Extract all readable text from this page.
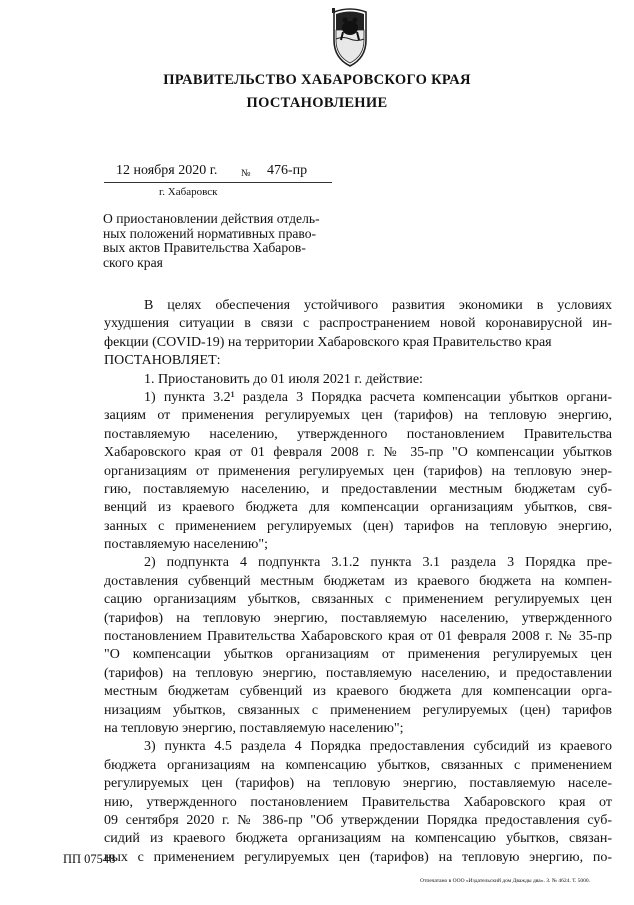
ПРАВИТЕЛЬСТВО ХАБАРОВСКОГО КРАЯ
ПОСТАНОВЛЕНИЕ
12 ноября 2020 г. № 476-пр
г. Хабаровск
О приостановлении действия отдель-
ных положений нормативных право-
вых актов Правительства Хабаров-
ского края
В целях обеспечения устойчивого развития экономики в условиях
ухудшения ситуации в связи с распространением новой коронавирусной ин-
фекции (COVID-19) на территории Хабаровского края Правительство края
ПОСТАНОВЛЯЕТ:
1. Приостановить до 01 июля 2021 г. действие:
1) пункта 3.2¹ раздела 3 Порядка расчета компенсации убытков органи-
зациям от применения регулируемых цен (тарифов) на тепловую энергию,
поставляемую населению, утвержденного постановлением Правительства
Хабаровского края от 01 февраля 2008 г. № 35-пр "О компенсации убытков
организациям от применения регулируемых цен (тарифов) на тепловую энер-
гию, поставляемую населению, и предоставлении местным бюджетам суб-
венций из краевого бюджета для компенсации организациям убытков, свя-
занных с применением регулируемых (цен) тарифов на тепловую энергию,
поставляемую населению";
2) подпункта 4 подпункта 3.1.2 пункта 3.1 раздела 3 Порядка пре-
доставления субвенций местным бюджетам из краевого бюджета на компен-
сацию организациям убытков, связанных с применением регулируемых цен
(тарифов) на тепловую энергию, поставляемую населению, утвержденного
постановлением Правительства Хабаровского края от 01 февраля 2008 г. № 35-пр
"О компенсации убытков организациям от применения регулируемых цен
(тарифов) на тепловую энергию, поставляемую населению, и предоставлении
местным бюджетам субвенций из краевого бюджета для компенсации орга-
низациям убытков, связанных с применением регулируемых (цен) тарифов
на тепловую энергию, поставляемую населению";
3) пункта 4.5 раздела 4 Порядка предоставления субсидий из краевого
бюджета организациям на компенсацию убытков, связанных с применением
регулируемых цен (тарифов) на тепловую энергию, поставляемую населе-
нию, утвержденного постановлением Правительства Хабаровского края от
09 сентября 2020 г. № 386-пр "Об утверждении Порядка предоставления суб-
сидий из краевого бюджета организациям на компенсацию убытков, связан-
ных с применением регулируемых цен (тарифов) на тепловую энергию, по-
ПП 07548
Отпечатано в ООО «Издательский дом Дважды два». З. № 4624. Т. 5000.
